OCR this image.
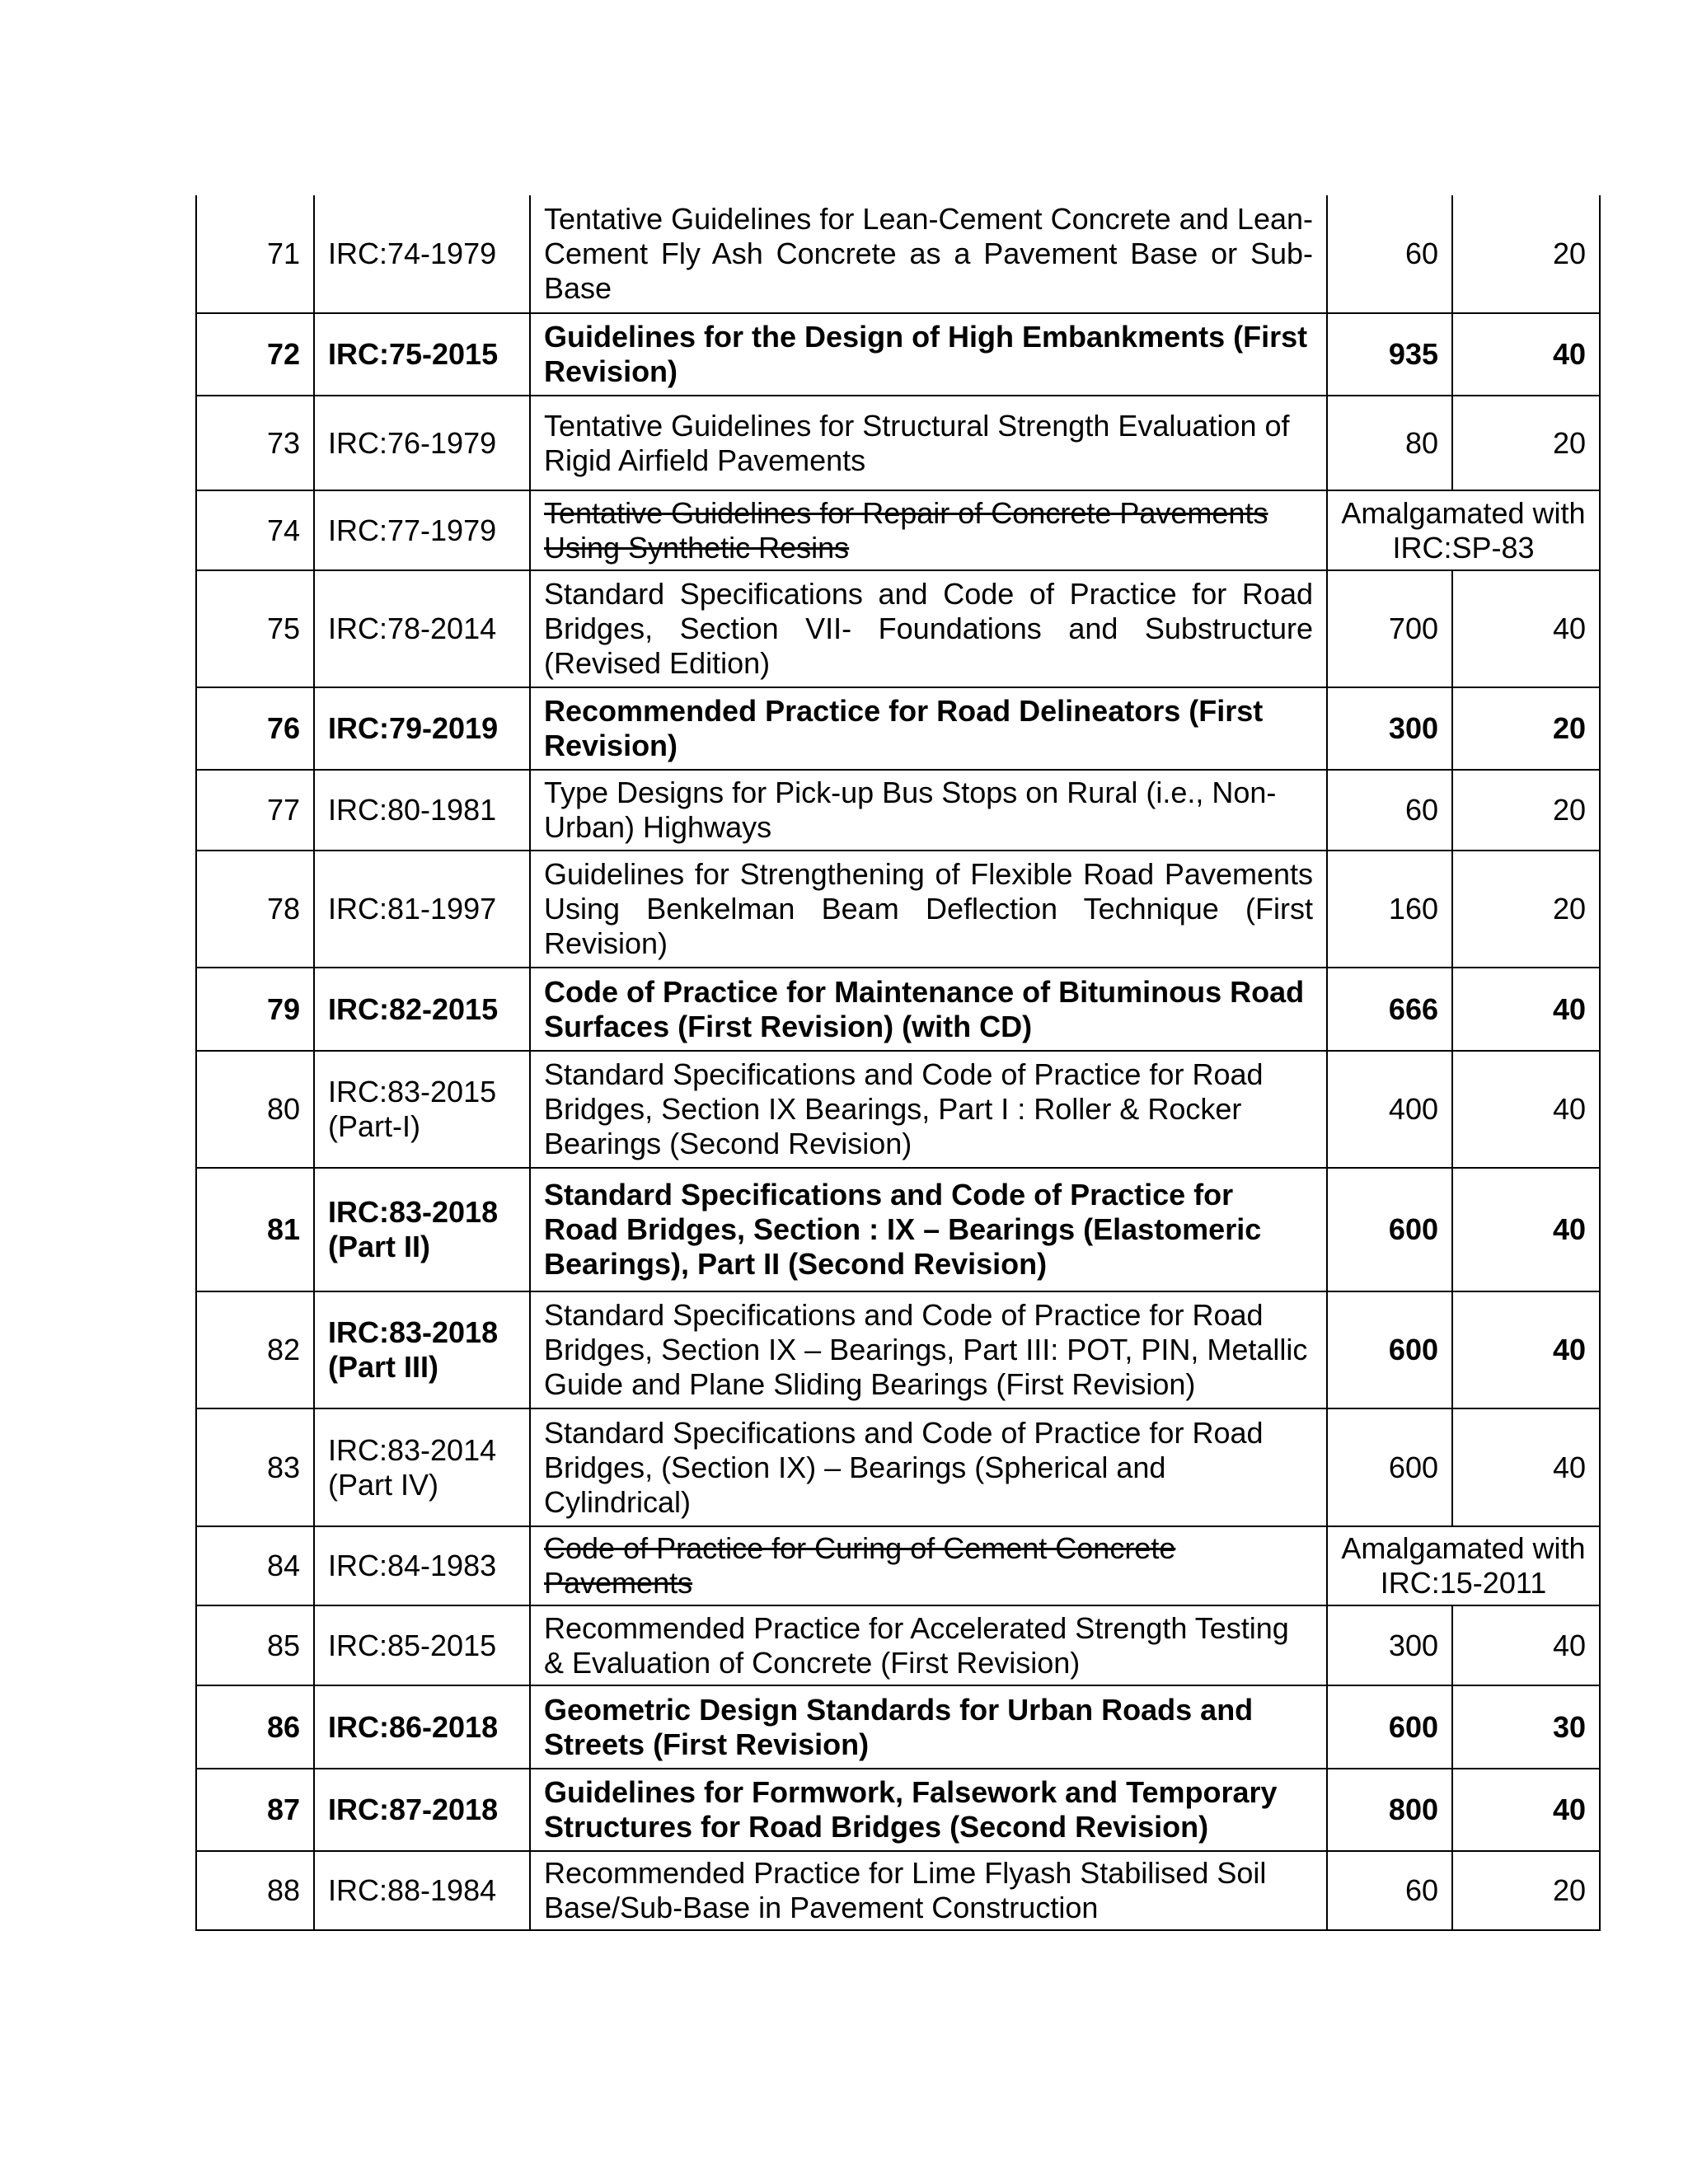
71	IRC:74-1979	Tentative Guidelines for Lean-Cement Concrete and Lean-Cement Fly Ash Concrete as a Pavement Base or Sub-Base	60	20
72	IRC:75-2015	Guidelines for the Design of High Embankments (First Revision)	935	40
73	IRC:76-1979	Tentative Guidelines for Structural Strength Evaluation of Rigid Airfield Pavements	80	20
74	IRC:77-1979	Tentative Guidelines for Repair of Concrete Pavements Using Synthetic Resins	Amalgamated with IRC:SP-83	
75	IRC:78-2014	Standard Specifications and Code of Practice for Road Bridges, Section VII- Foundations and Substructure (Revised Edition)	700	40
76	IRC:79-2019	Recommended Practice for Road Delineators (First Revision)	300	20
77	IRC:80-1981	Type Designs for Pick-up Bus Stops on Rural (i.e., Non-Urban) Highways	60	20
78	IRC:81-1997	Guidelines for Strengthening of Flexible Road Pavements Using Benkelman Beam Deflection Technique (First Revision)	160	20
79	IRC:82-2015	Code of Practice for Maintenance of Bituminous Road Surfaces (First Revision) (with CD)	666	40
80	IRC:83-2015 (Part-I)	Standard Specifications and Code of Practice for Road Bridges, Section IX Bearings, Part I : Roller & Rocker Bearings (Second Revision)	400	40
81	IRC:83-2018 (Part II)	Standard Specifications and Code of Practice for Road Bridges, Section : IX – Bearings (Elastomeric Bearings), Part II (Second Revision)	600	40
82	IRC:83-2018 (Part III)	Standard Specifications and Code of Practice for Road Bridges, Section IX – Bearings, Part III: POT, PIN, Metallic Guide and Plane Sliding Bearings (First Revision)	600	40
83	IRC:83-2014 (Part IV)	Standard Specifications and Code of Practice for Road Bridges, (Section IX) – Bearings (Spherical and Cylindrical)	600	40
84	IRC:84-1983	Code of Practice for Curing of Cement Concrete Pavements	Amalgamated with IRC:15-2011	
85	IRC:85-2015	Recommended Practice for Accelerated Strength Testing & Evaluation of Concrete (First Revision)	300	40
86	IRC:86-2018	Geometric Design Standards for Urban Roads and Streets (First Revision)	600	30
87	IRC:87-2018	Guidelines for Formwork, Falsework and Temporary Structures for Road Bridges (Second Revision)	800	40
88	IRC:88-1984	Recommended Practice for Lime Flyash Stabilised Soil Base/Sub-Base in Pavement Construction	60	20
